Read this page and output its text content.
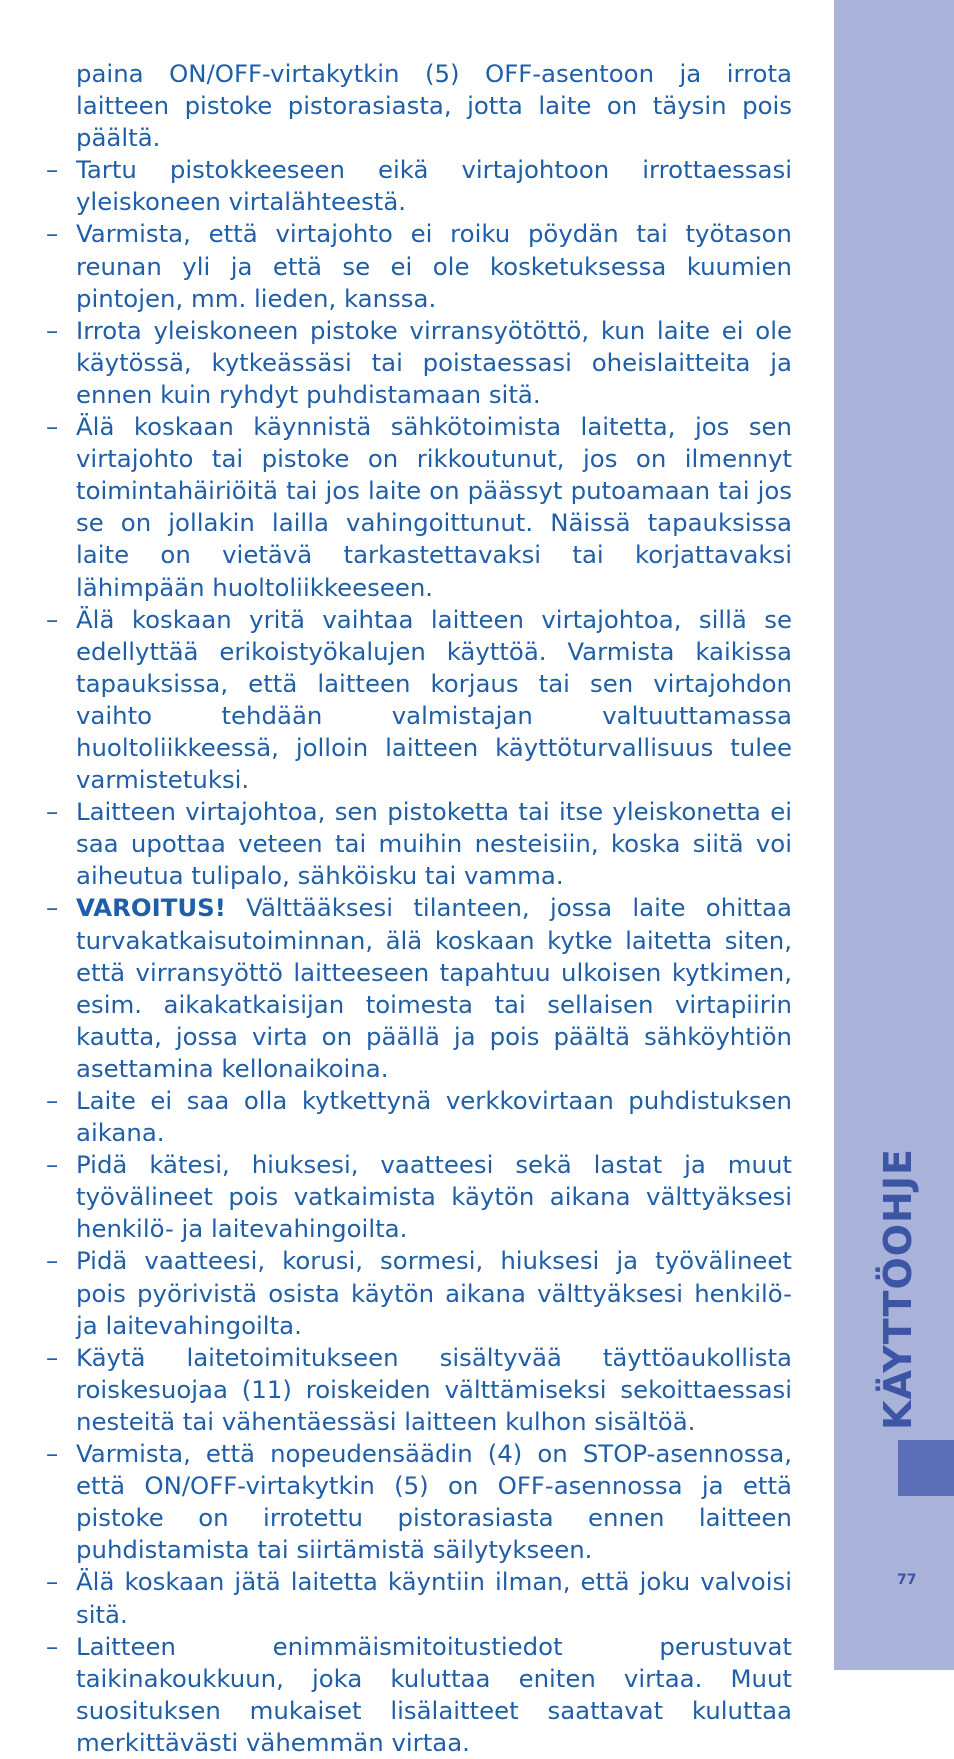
paina ON/OFF-virtakytkin (5) OFF-asentoon ja irrota laitteen pistoke pistorasiasta, jotta laite on täysin pois päältä.

– Tartu pistokkeeseen eikä virtajohtoon irrottaessasi yleiskoneen virtalähteestä.

– Varmista, että virtajohto ei roiku pöydän tai työtason reunan yli ja että se ei ole kosketuksessa kuumien pintojen, mm. lieden, kanssa.

– Irrota yleiskoneen pistoke virransyötöttö, kun laite ei ole käytössä, kytkeässäsi tai poistaessasi oheislaitteita ja ennen kuin ryhdyt puhdistamaan sitä.

– Älä koskaan käynnistä sähkötoimista laitetta, jos sen virtajohto tai pistoke on rikkoutunut, jos on ilmennyt toimintahäiriöitä tai jos laite on päässyt putoamaan tai jos se on jollakin lailla vahingoittunut. Näissä tapauksissa laite on vietävä tarkastettavaksi tai korjattavaksi lähimpään huoltoliikkeeseen.

– Älä koskaan yritä vaihtaa laitteen virtajohtoa, sillä se edellyttää erikoistyökalujen käyttöä. Varmista kaikissa tapauksissa, että laitteen korjaus tai sen virtajohdon vaihto tehdään valmistajan valtuuttamassa huoltoliikkeessä, jolloin laitteen käyttöturvallisuus tulee varmistetuksi.

– Laitteen virtajohtoa, sen pistoketta tai itse yleiskonetta ei saa upottaa veteen tai muihin nesteisiin, koska siitä voi aiheutua tulipalo, sähköisku tai vamma.

– VAROITUS! Välttääksesi tilanteen, jossa laite ohittaa turvakatkaisutoiminnan, älä koskaan kytke laitetta siten, että virransyöttö laitteeseen tapahtuu ulkoisen kytkimen, esim. aikakatkaisijan toimesta tai sellaisen virtapiirin kautta, jossa virta on päällä ja pois päältä sähköyhtiön asettamina kellonaikoina.

– Laite ei saa olla kytkettynä verkkovirtaan puhdistuksen aikana.

– Pidä kätesi, hiuksesi, vaatteesi sekä lastat ja muut työvälineet pois vatkaimista käytön aikana välttyäksesi henkilö- ja laitevahingoilta.

– Pidä vaatteesi, korusi, sormesi, hiuksesi ja työvälineet pois pyörivistä osista käytön aikana välttyäksesi henkilö- ja laitevahingoilta.

– Käytä laitetoimitukseen sisältyvää täyttöaukollista roiskesuojaa (11) roiskeiden välttämiseksi sekoittaessasi nesteitä tai vähentäessäsi laitteen kulhon sisältöä.

– Varmista, että nopeudensäädin (4) on STOP-asennossa, että ON/OFF-virtakytkin (5) on OFF-asennossa ja että pistoke on irrotettu pistorasiasta ennen laitteen puhdistamista tai siirtämistä säilytykseen.

– Älä koskaan jätä laitetta käyntiin ilman, että joku valvoisi sitä.

– Laitteen enimmäismitoitustiedot perustuvat taikinakoukkuun, joka kuluttaa eniten virtaa. Muut suosituksen mukaiset lisälaitteet saattavat kuluttaa merkittävästi vähemmän virtaa.

KÄYTTÖOHJE
77
